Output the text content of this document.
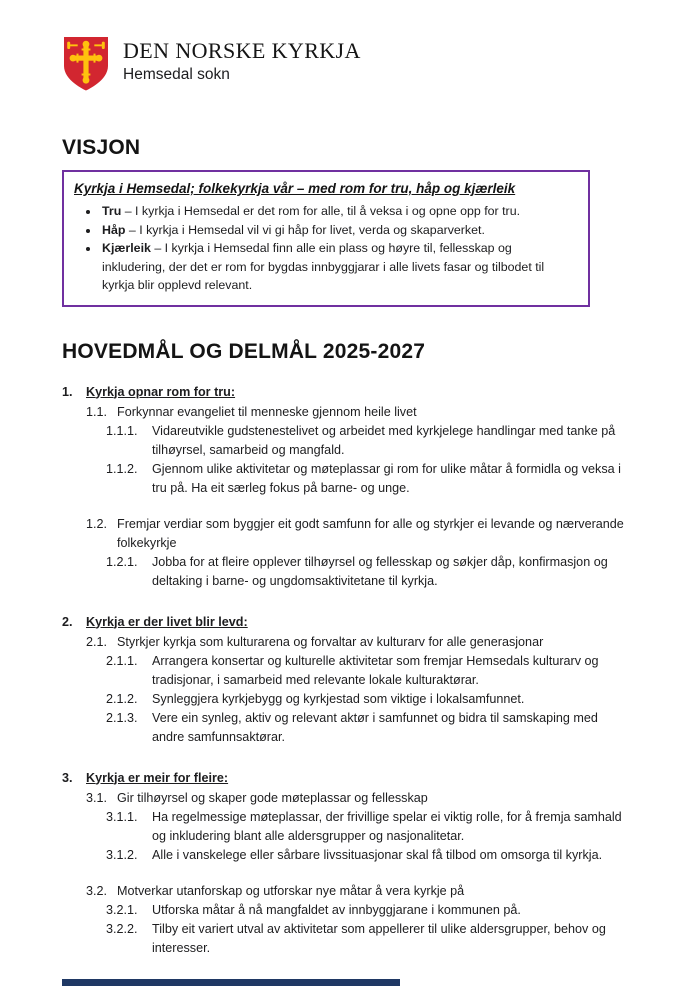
DEN NORSKE KYRKJA
Hemsedal sokn
VISJON
Kyrkja i Hemsedal; folkekyrkja vår – med rom for tru, håp og kjærleik
• Tru – I kyrkja i Hemsedal er det rom for alle, til å veksa i og opne opp for tru.
• Håp – I kyrkja i Hemsedal vil vi gi håp for livet, verda og skaparverket.
• Kjærleik – I kyrkja i Hemsedal finn alle ein plass og høyre til, fellesskap og inkludering, der det er rom for bygdas innbyggjarar i alle livets fasar og tilbodet til kyrkja blir opplevd relevant.
HOVEDMÅL OG DELMÅL 2025-2027
1.	Kyrkja opnar rom for tru:
1.1. Forkynnar evangeliet til menneske gjennom heile livet
1.1.1.	Vidareutvikle gudstenestelivet og arbeidet med kyrkjelege handlingar med tanke på tilhøyrsel, samarbeid og mangfald.
1.1.2.	Gjennom ulike aktivitetar og møteplassar gi rom for ulike måtar å formidla og veksa i tru på. Ha eit særleg fokus på barne- og unge.
1.2. Fremjar verdiar som byggjer eit godt samfunn for alle og styrkjer ei levande og nærverande folkekyrkje
1.2.1.	Jobba for at fleire opplever tilhøyrsel og fellesskap og søkjer dåp, konfirmasjon og deltaking i barne- og ungdomsaktivitetane til kyrkja.
2.	Kyrkja er der livet blir levd:
2.1. Styrkjer kyrkja som kulturarena og forvaltar av kulturarv for alle generasjonar
2.1.1.	Arrangera konsertar og kulturelle aktivitetar som fremjar Hemsedals kulturarv og tradisjonar, i samarbeid med relevante lokale kulturaktørar.
2.1.2.	Synleggjera kyrkjebygg og kyrkjestad som viktige i lokalsamfunnet.
2.1.3.	Vere ein synleg, aktiv og relevant aktør i samfunnet og bidra til samskaping med andre samfunnsaktørar.
3.	Kyrkja er meir for fleire:
3.1. Gir tilhøyrsel og skaper gode møteplassar og fellesskap
3.1.1.	Ha regelmessige møteplassar, der frivillige spelar ei viktig rolle, for å fremja samhald og inkludering blant alle aldersgrupper og nasjonalitetar.
3.1.2.	Alle i vanskelege eller sårbare livssituasjonar skal få tilbod om omsorga til kyrkja.
3.2. Motverkar utanforskap og utforskar nye måtar å vera kyrkje på
3.2.1.	Utforska måtar å nå mangfaldet av innbyggjarane i kommunen på.
3.2.2.	Tilby eit variert utval av aktivitetar som appellerer til ulike aldersgrupper, behov og interesser.
